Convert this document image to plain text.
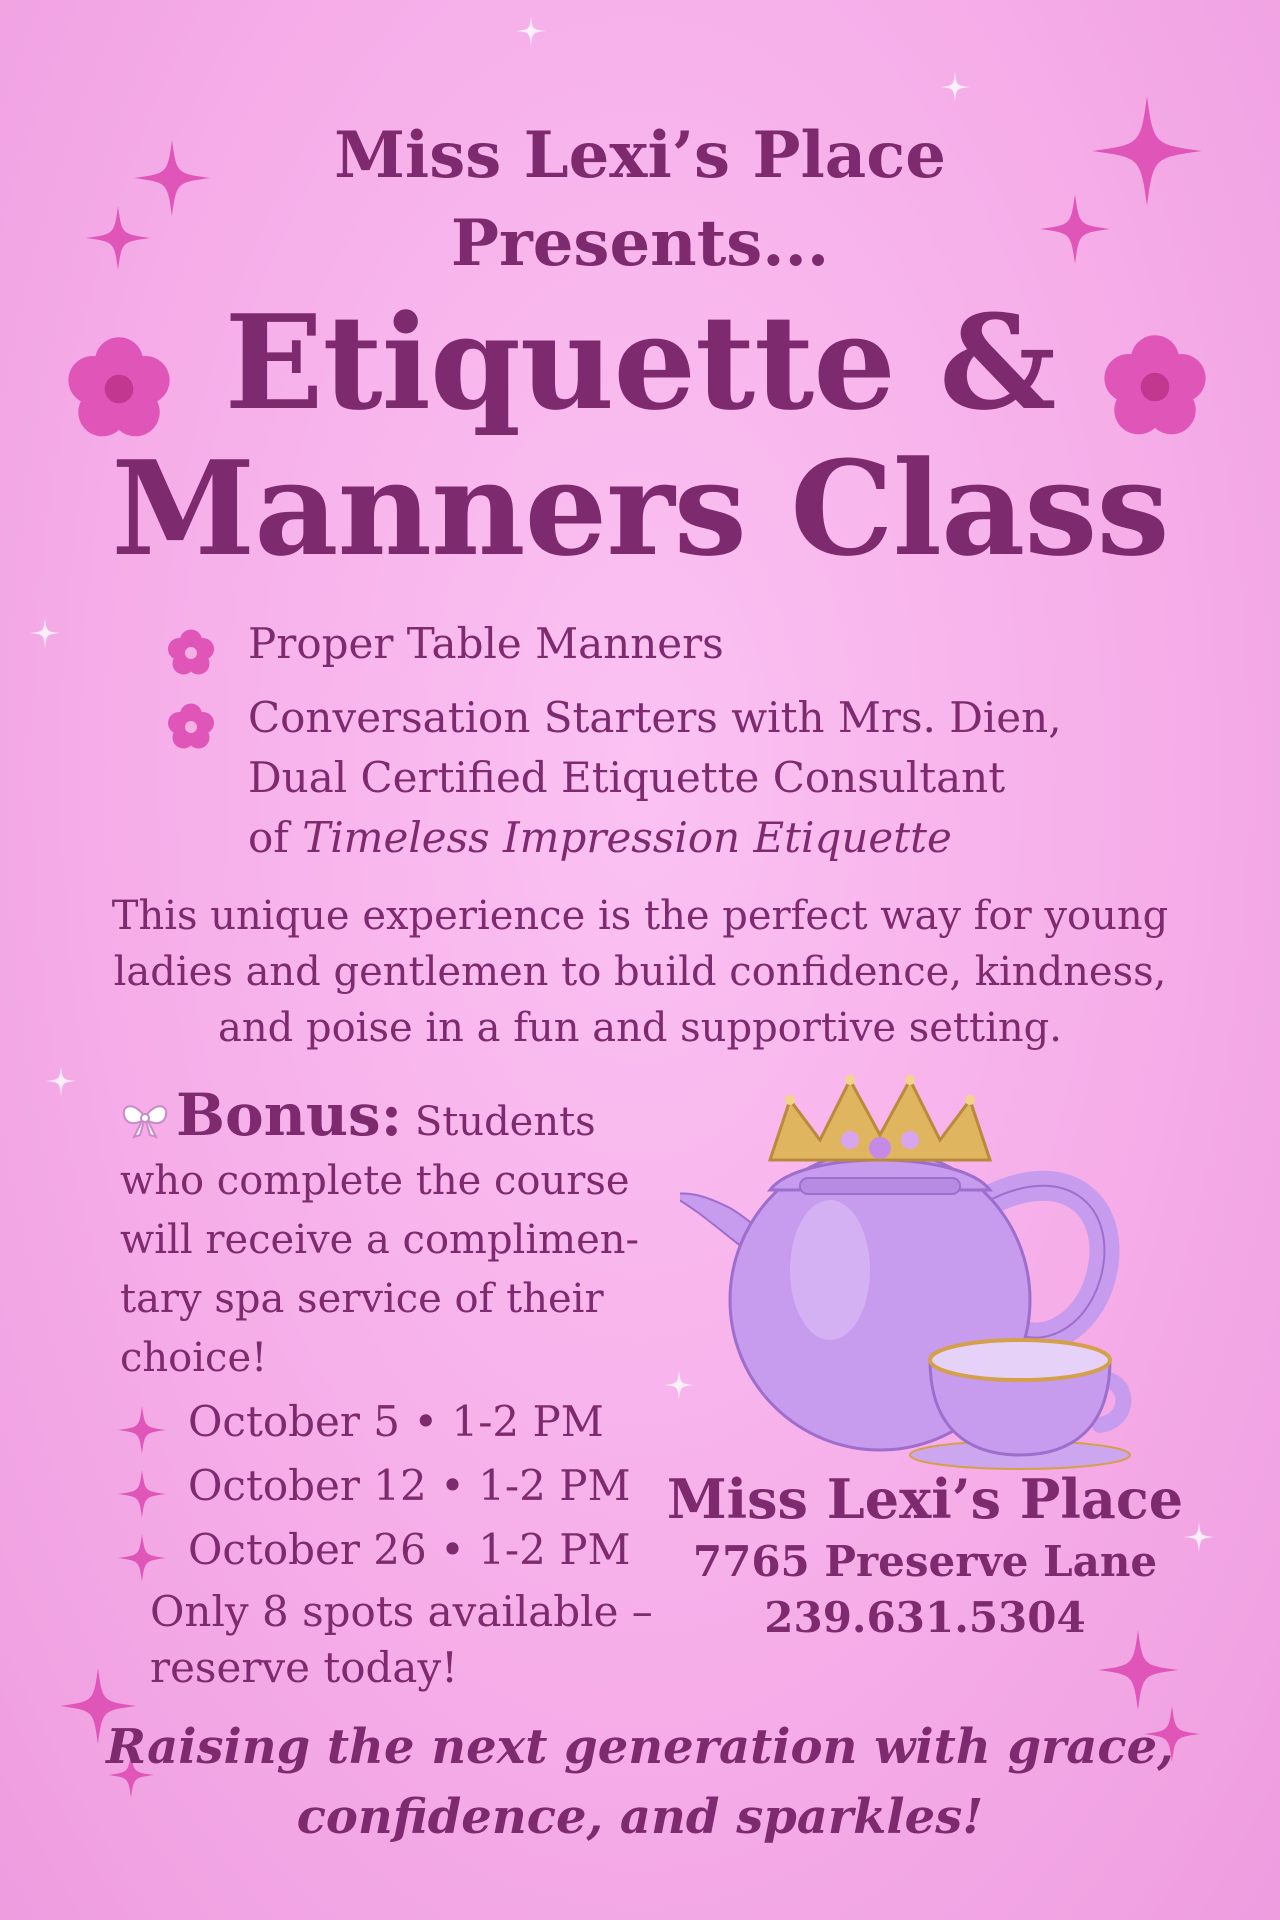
Miss Lexi’s Place
Presents...
Etiquette &
Manners Class
Proper Table Manners
Conversation Starters with Mrs. Dien,
Dual Certified Etiquette Consultant
of Timeless Impression Etiquette
This unique experience is the perfect way for young
ladies and gentlemen to build confidence, kindness,
and poise in a fun and supportive setting.
Bonus: Students
who complete the course
will receive a complimen-
tary spa service of their
choice!
October 5 • 1-2 PM
October 12 • 1-2 PM
October 26 • 1-2 PM
Only 8 spots available –
reserve today!
Miss Lexi’s Place
7765 Preserve Lane
239.631.5304
Raising the next generation with grace,
confidence, and sparkles!
